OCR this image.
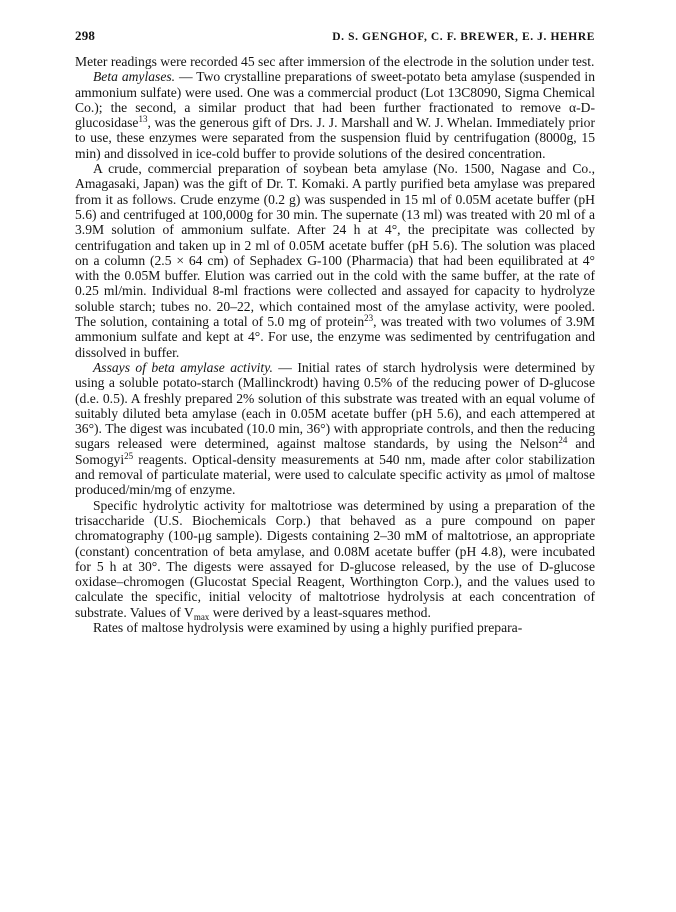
298	D. S. GENGHOF, C. F. BREWER, E. J. HEHRE

Meter readings were recorded 45 sec after immersion of the electrode in the solution under test.

Beta amylases. — Two crystalline preparations of sweet-potato beta amylase (suspended in ammonium sulfate) were used. One was a commercial product (Lot 13C8090, Sigma Chemical Co.); the second, a similar product that had been further fractionated to remove α-D-glucosidase$^{13}$, was the generous gift of Drs. J. J. Marshall and W. J. Whelan. Immediately prior to use, these enzymes were separated from the suspension fluid by centrifugation (8000g, 15 min) and dissolved in ice-cold buffer to provide solutions of the desired concentration.

A crude, commercial preparation of soybean beta amylase (No. 1500, Nagase and Co., Amagasaki, Japan) was the gift of Dr. T. Komaki. A partly purified beta amylase was prepared from it as follows. Crude enzyme (0.2 g) was suspended in 15 ml of 0.05M acetate buffer (pH 5.6) and centrifuged at 100,000g for 30 min. The supernate (13 ml) was treated with 20 ml of a 3.9M solution of ammonium sulfate. After 24 h at 4°, the precipitate was collected by centrifugation and taken up in 2 ml of 0.05M acetate buffer (pH 5.6). The solution was placed on a column (2.5 × 64 cm) of Sephadex G-100 (Pharmacia) that had been equilibrated at 4° with the 0.05M buffer. Elution was carried out in the cold with the same buffer, at the rate of 0.25 ml/min. Individual 8-ml fractions were collected and assayed for capacity to hydrolyze soluble starch; tubes no. 20–22, which contained most of the amylase activity, were pooled. The solution, containing a total of 5.0 mg of protein$^{23}$, was treated with two volumes of 3.9M ammonium sulfate and kept at 4°. For use, the enzyme was sedimented by centrifugation and dissolved in buffer.

Assays of beta amylase activity. — Initial rates of starch hydrolysis were determined by using a soluble potato-starch (Mallinckrodt) having 0.5% of the reducing power of D-glucose (d.e. 0.5). A freshly prepared 2% solution of this substrate was treated with an equal volume of suitably diluted beta amylase (each in 0.05M acetate buffer (pH 5.6), and each attempered at 36°). The digest was incubated (10.0 min, 36°) with appropriate controls, and then the reducing sugars released were determined, against maltose standards, by using the Nelson$^{24}$ and Somogyi$^{25}$ reagents. Optical-density measurements at 540 nm, made after color stabilization and removal of particulate material, were used to calculate specific activity as μmol of maltose produced/min/mg of enzyme.

Specific hydrolytic activity for maltotriose was determined by using a preparation of the trisaccharide (U.S. Biochemicals Corp.) that behaved as a pure compound on paper chromatography (100-μg sample). Digests containing 2–30 mM of maltotriose, an appropriate (constant) concentration of beta amylase, and 0.08M acetate buffer (pH 4.8), were incubated for 5 h at 30°. The digests were assayed for D-glucose released, by the use of D-glucose oxidase–chromogen (Glucostat Special Reagent, Worthington Corp.), and the values used to calculate the specific, initial velocity of maltotriose hydrolysis at each concentration of substrate. Values of $V_{max}$ were derived by a least-squares method.

Rates of maltose hydrolysis were examined by using a highly purified prepara-
